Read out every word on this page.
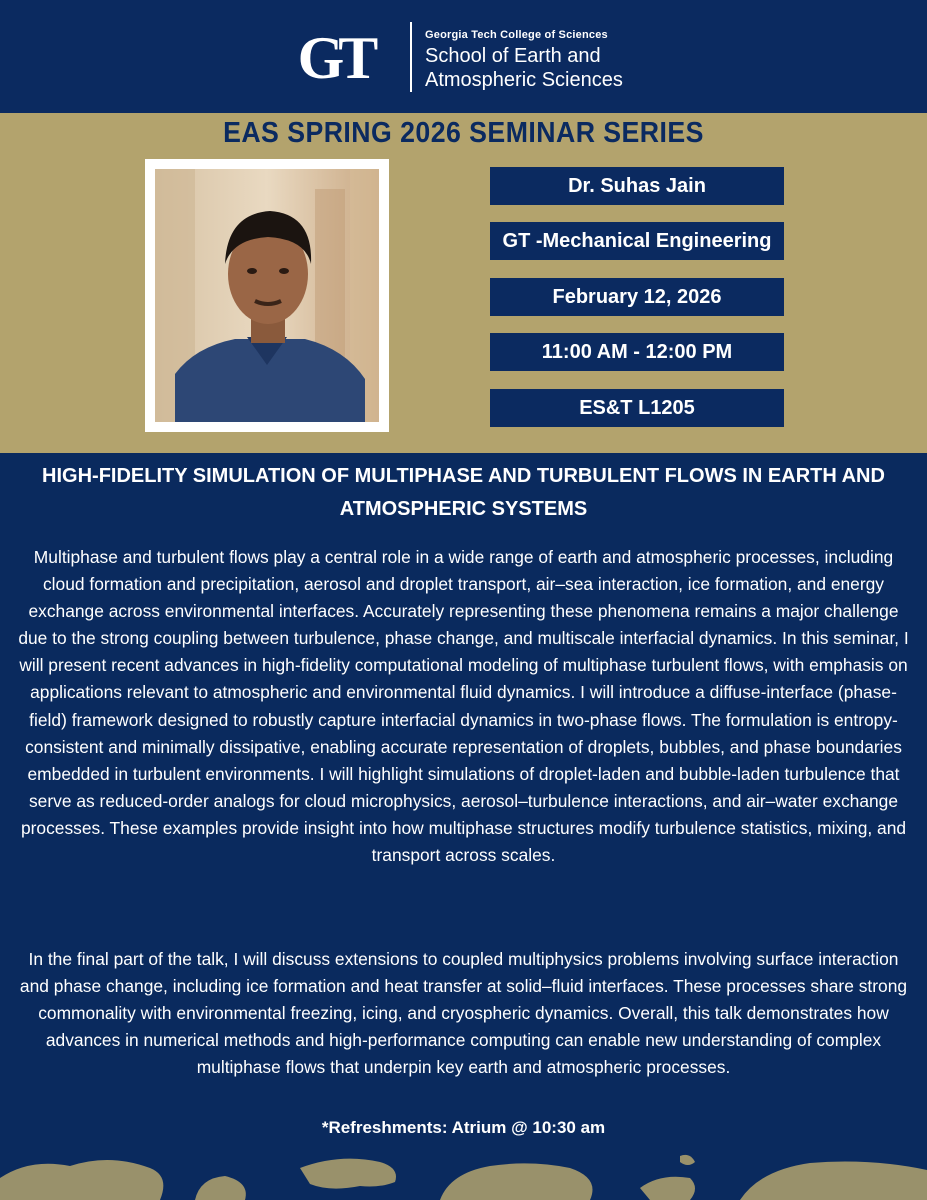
GT	Georgia Tech College of Sciences
School of Earth and
Atmospheric Sciences
EAS SPRING 2026 SEMINAR SERIES
Dr. Suhas Jain
GT -Mechanical Engineering
February 12, 2026
11:00 AM - 12:00 PM
ES&T L1205
HIGH-FIDELITY SIMULATION OF MULTIPHASE AND TURBULENT FLOWS IN EARTH AND ATMOSPHERIC SYSTEMS
Multiphase and turbulent flows play a central role in a wide range of earth and atmospheric processes, including cloud formation and precipitation, aerosol and droplet transport, air–sea interaction, ice formation, and energy exchange across environmental interfaces. Accurately representing these phenomena remains a major challenge due to the strong coupling between turbulence, phase change, and multiscale interfacial dynamics. In this seminar, I will present recent advances in high-fidelity computational modeling of multiphase turbulent flows, with emphasis on applications relevant to atmospheric and environmental fluid dynamics. I will introduce a diffuse-interface (phase-field) framework designed to robustly capture interfacial dynamics in two-phase flows. The formulation is entropy-consistent and minimally dissipative, enabling accurate representation of droplets, bubbles, and phase boundaries embedded in turbulent environments. I will highlight simulations of droplet-laden and bubble-laden turbulence that serve as reduced-order analogs for cloud microphysics, aerosol–turbulence interactions, and air–water exchange processes. These examples provide insight into how multiphase structures modify turbulence statistics, mixing, and transport across scales.
In the final part of the talk, I will discuss extensions to coupled multiphysics problems involving surface interaction and phase change, including ice formation and heat transfer at solid–fluid interfaces. These processes share strong commonality with environmental freezing, icing, and cryospheric dynamics. Overall, this talk demonstrates how advances in numerical methods and high-performance computing can enable new understanding of complex multiphase flows that underpin key earth and atmospheric processes.
*Refreshments: Atrium @ 10:30 am
